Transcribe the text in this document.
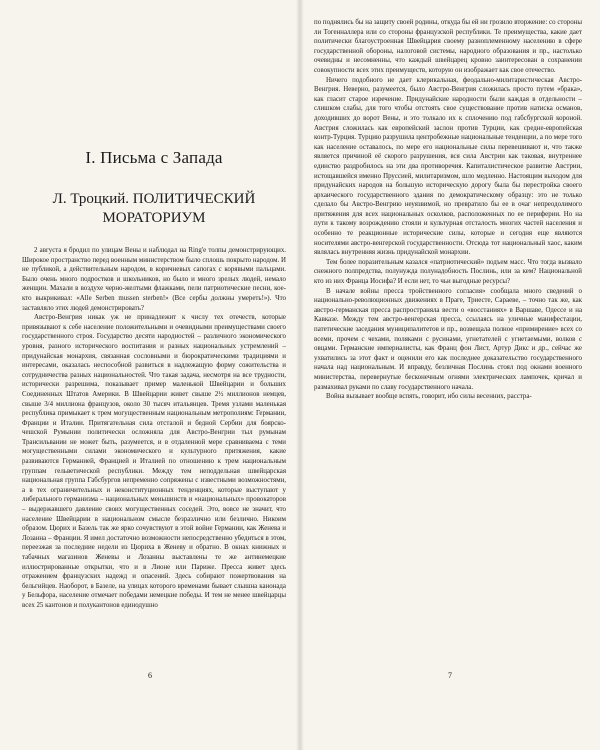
I. Письма с Запада
Л. Троцкий. ПОЛИТИЧЕСКИЙ
МОРАТОРИУМ

2 августа я бродил по улицам Вены и наблюдал на Ring'e толпы демонстрирующих. Широкое пространство перед военным министерством было сплошь покрыто народом. И не публикой, а действительным народом, в коричневых сапогах с корявыми пальцами. Было очень много подростков и школьников, но было и много зрелых людей, немало женщин. Махали в воздухе черно-желтыми флажками, пели патриотические песни, кое-кто выкрикивал: «Alle Serben mussen sterben!» (Все сербы должны умереть!»). Что заставляло этих людей демонстрировать?

Австро-Венгрия никак уж не принадлежит к числу тех отечеств, которые привязывают к себе население положительными и очевидными преимуществами своего государственного строя. Государство десяти народностей – различного экономического уровня, разного исторического воспитания и разных национальных устремлений – придунайская монархия, связанная сословными и бюрократическими традициями и интересами, оказалась неспособной развиться в надлежащую форму сожительства и сотрудничества разных национальностей. Что такая задача, несмотря на все трудности, исторически разрешима, показывает пример маленькой Швейцарии и больших Соединенных Штатов Америки. В Швейцарии живет свыше 2½ миллионов немцев, свыше 3/4 миллиона французов, около 30 тысяч итальянцев. Тремя узлами маленькая республика примыкает к трем могущественным национальным метрополиям: Германии, Франции и Италии. Притягательная сила отсталой и бедной Сербии для боярско-чешской Румынии политически осложняла для Австро-Венгрии тыл румынам Трансильвании не может быть, разумеется, и в отдаленной мере сравниваема с теми могущественными силами экономического и культурного притяжения, какие развиваются Германией, Францией и Италией по отношению к трем национальным группам гельветической республики. Между тем неподдельная швейцарская национальная группа Габсбургов непременно сопряжены с известными возможностями, а в тех ограничительных и неконституционных тенденциях, которые выступают у либерального германизма – национальных меньшинств и «национальных» провокаторов – выдержавшего давление своих могущественных соседей. Это, вовсе не значит, что население Швейцарии в национальном смысле безразлично или безлично. Никоим образом. Цюрих и Базель так же ярко сочувствуют в этой войне Германии, как Женева и Лозанна – Франции. Я имел достаточно возможности непосредственно убедиться в этом, переезжая за последние недели из Цюриха в Женеву и обратно. В окнах книжных и табачных магазинов Женевы и Лозанны выставлены те же антинемецкие иллюстрированные открытки, что и в Лионе или Париже. Пресса живет здесь отражением французских надежд и опасений. Здесь собирают пожертвования на бельгийцев. Наоборот, в Базеле, на улицах которого временами бывает слышна канонада у Бельфора, население отмечает победами немецкие победы. И тем не менее швейцарцы всех 25 кантонов и полукантонов единодушно

6

по поднялись бы на защиту своей родины, откуда бы ей ни грозило вторжение: со стороны ли Тогенналлера или со стороны французской республики. Те преимущества, какие дает политически благоустроенная Швейцария своему разноплеменному населению в сфере государственной обороны, налоговой системы, народного образования и пр., настолько очевидны и несомненны, что каждый швейцарец кровно заинтересован в сохранении совокупности всех этих преимуществ, которую он изображает как свое отечество.

Ничего подобного не дает клерикальная, феодально-милитаристическая Австро-Венгрия. Неверно, разумеется, было Австро-Венгрия сложилась просто путем «брака», как гласит старое изречение. Придунайские народности были каждая в отдельности – слишком слабы, для того чтобы отстоять свое существование против натиска османов, доходивших до ворот Вены, и это толкало их к сплочению под габсбургской короной. Австрия сложилась как европейский заслон против Турции, как средне-европейская контр-Турция. Турцию разрушила центробежные национальные тенденции, а по мере того как население оставалось, по мере его национальные силы перевешивают и, что также является причиной её скорого разрушения, вся сила Австрии как таковая, внутреннее единство раздробилось на эти два противоречия. Капиталистическое развитие Австрии, истощавшейся именно Пруссией, милитаризмом, шло медленно. Настоящим выходом для придунайских народов на большую историческую дорогу была бы перестройка своего архаического государственного здания по демократическому образцу: это не только сделало бы Австро-Венгрию неуязвимой, но превратило бы ее в очаг непреодолимого притяжения для всех национальных осколков, расположенных по ее периферии. Но на пути к такому возрождению стояли и культурная отсталость многих частей населения и особенно те реакционные исторические силы, которые и сегодня еще являются носителями австро-венгерской государственности. Отсюда тот национальный хаос, каким являлась внутренняя жизнь придунайской монархии.

Тем более поразительным казался «патриотический» подъем масс. Что тогда вызвало снежного полпредства, полунужда полунадобность Послинь, или за кем? Национальной кто из них Франца Иосифа? И если нет, то чьи выгодные ресурсы?

В начале войны пресса тройственного согласия» сообщала много сведений о национально-революционных движениях в Праге, Триесте, Сараеве, – точно так же, как австро-германская пресса распространяла вести о «восстаниях» в Варшаве, Одессе и на Кавказе. Между тем австро-венгерская пресса, ссылаясь на уличные манифестации, патетические заседания муниципалитетов и пр., возвещала полное «примирение» всех со всеми, прочем с чехами, поляками с русинами, угнетателей с угнетаемыми, волков с овцами. Германские империалисты, как Франц фон Лист, Артур Дикс и др., сейчас же ухватились за этот факт и оценили его как последнее доказательство государственного начала над национальным. И вправду, безличная Послинь стоял под окнами военного министерства, перевернутые бесконечным огнями электрических лампочек, кричал и размахивал руками по славу государственного начала.

Война вызывает вообще вспять, говорит, ибо силы весенних, расстра-

7
